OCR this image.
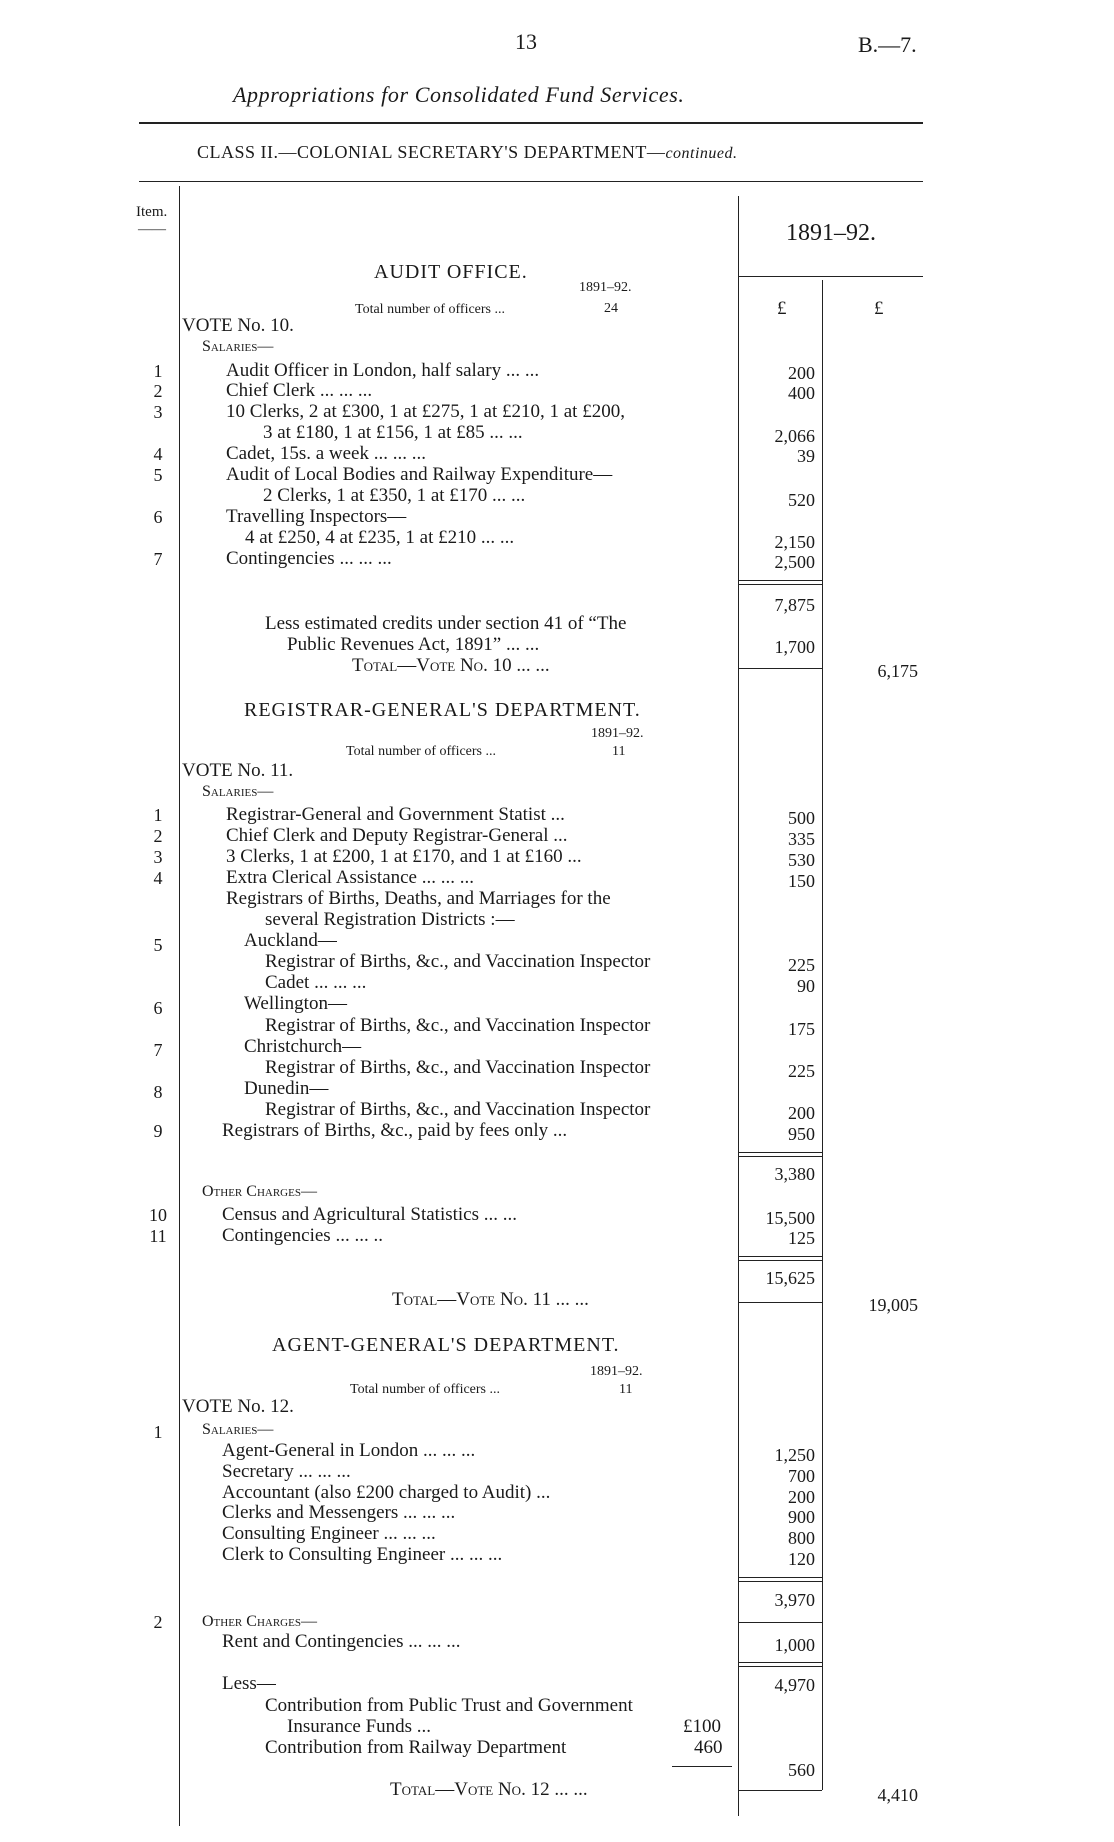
13	B.—7.
Appropriations for Consolidated Fund Services.
CLASS II.—COLONIAL SECRETARY'S DEPARTMENT—continued.
Item.
——	1891–92.
£	£
AUDIT OFFICE.
1891–92.
Total number of officers ...	24
VOTE No. 10.
Salaries—
1	Audit Officer in London, half salary ... ...	200
2	Chief Clerk ... ... ...	400
3	10 Clerks, 2 at £300, 1 at £275, 1 at £210, 1 at £200,
3 at £180, 1 at £156, 1 at £85 ... ...	2,066
4	Cadet, 15s. a week ... ... ...	39
5	Audit of Local Bodies and Railway Expenditure—
2 Clerks, 1 at £350, 1 at £170 ... ...	520
6	Travelling Inspectors—
4 at £250, 4 at £235, 1 at £210 ... ...	2,150
7	Contingencies ... ... ...	2,500
7,875
Less estimated credits under section 41 of “The
Public Revenues Act, 1891” ... ...	1,700
Total—Vote No. 10 ... ...	6,175
REGISTRAR-GENERAL'S DEPARTMENT.
1891–92.
Total number of officers ...	11
VOTE No. 11.
Salaries—
1	Registrar-General and Government Statist ...	500
2	Chief Clerk and Deputy Registrar-General ...	335
3	3 Clerks, 1 at £200, 1 at £170, and 1 at £160 ...	530
4	Extra Clerical Assistance ... ... ...	150
Registrars of Births, Deaths, and Marriages for the
several Registration Districts :—
5	Auckland—
Registrar of Births, &c., and Vaccination Inspector	225
Cadet ... ... ...	90
6	Wellington—
Registrar of Births, &c., and Vaccination Inspector	175
7	Christchurch—
Registrar of Births, &c., and Vaccination Inspector	225
8	Dunedin—
Registrar of Births, &c., and Vaccination Inspector	200
9	Registrars of Births, &c., paid by fees only ...	950
3,380
Other Charges—
10	Census and Agricultural Statistics ... ...	15,500
11	Contingencies ... ... ..	125
15,625
Total—Vote No. 11 ... ...	19,005
AGENT-GENERAL'S DEPARTMENT.
1891–92.
Total number of officers ...	11
VOTE No. 12.
1	Salaries—
Agent-General in London ... ... ...	1,250
Secretary ... ... ...	700
Accountant (also £200 charged to Audit) ...	200
Clerks and Messengers ... ... ...	900
Consulting Engineer ... ... ...	800
Clerk to Consulting Engineer ... ... ...	120
3,970
2	Other Charges—
Rent and Contingencies ... ... ...	1,000
4,970
Less—
Contribution from Public Trust and Government
Insurance Funds ...	£100
Contribution from Railway Department	460
560
Total—Vote No. 12 ... ...	4,410
